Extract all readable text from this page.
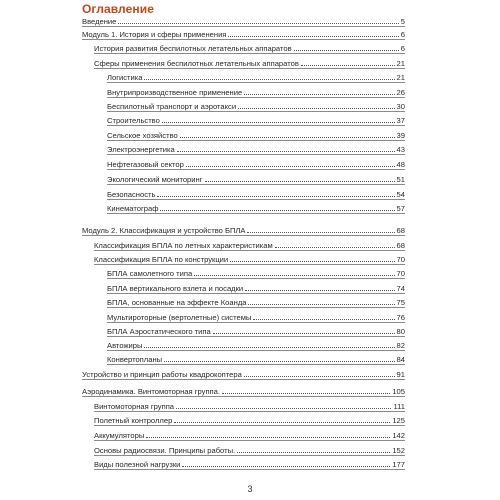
Оглавление
Введение	5
Модуль 1. История и сферы применения	6
История развития беспилотных летательных аппаратов	6
Сферы применения беспилотных летательных аппаратов	21
Логистика	21
Внутрипроизводственное применение	26
Беспилотный транспорт и аэротакси	30
Строительство	37
Сельское хозяйство	39
Электроэнергетика	43
Нефтегазовый сектор	48
Экологический мониторинг	51
Безопасность	54
Кинематограф	57
Модуль 2. Классификация и устройство БПЛА	68
Классификация БПЛА по летных характеристикам	68
Классификация БПЛА по конструкции	70
БПЛА самолетного типа	70
БПЛА вертикального взлета и посадки	74
БПЛА, основанные на эффекте Коанда	75
Мультироторные (вертолетные) системы	76
БПЛА Аэростатического типа	80
Автожиры	82
Конвертопланы	84
Устройство и принцип работы квадрокоптера	91
Аэродинамика. Винтомоторная группа.	105
Винтомоторная группа	111
Полетный контроллер	125
Аккумуляторы	142
Основы радиосвязи. Принципы работы.	152
Виды полезной нагрузки	177
3
